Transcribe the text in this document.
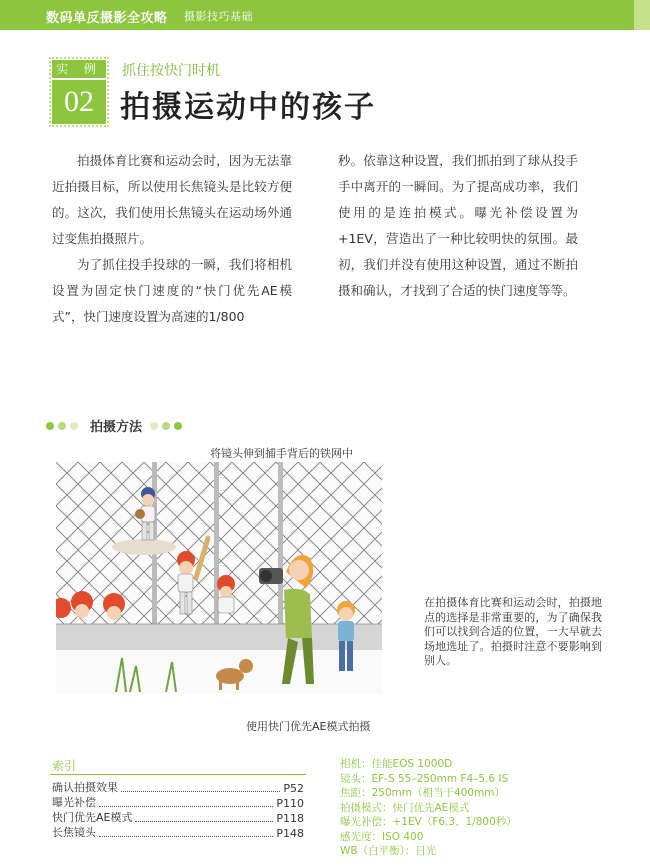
数码单反摄影全攻略 摄影技巧基础
实 例
02
抓住按快门时机
拍摄运动中的孩子

拍摄体育比赛和运动会时，因为无法靠近拍摄目标，所以使用长焦镜头是比较方便的。这次，我们使用长焦镜头在运动场外通过变焦拍摄照片。

为了抓住投手投球的一瞬，我们将相机设置为固定快门速度的“快门优先AE模式”，快门速度设置为高速的1/800

秒。依靠这种设置，我们抓拍到了球从投手手中离开的一瞬间。为了提高成功率，我们使用的是连拍模式。曝光补偿设置为+1EV，营造出了一种比较明快的氛围。最初，我们并没有使用这种设置，通过不断拍摄和确认，才找到了合适的快门速度等等。

拍摄方法
将镜头伸到捕手背后的铁网中
在拍摄体育比赛和运动会时，拍摄地点的选择是非常重要的，为了确保我们可以找到合适的位置，一大早就去场地选址了。拍摄时注意不要影响到别人。
使用快门优先AE模式拍摄
索引
确认拍摄效果	P52
曝光补偿	P110
快门优先AE模式	P118
长焦镜头	P148
相机：佳能EOS 1000D
镜头：EF-S 55–250mm F4–5.6 IS
焦距：250mm（相当于400mm）
拍摄模式：快门优先AE模式
曝光补偿：+1EV（F6.3、1/800秒）
感光度：ISO 400
WB（白平衡）：日光
